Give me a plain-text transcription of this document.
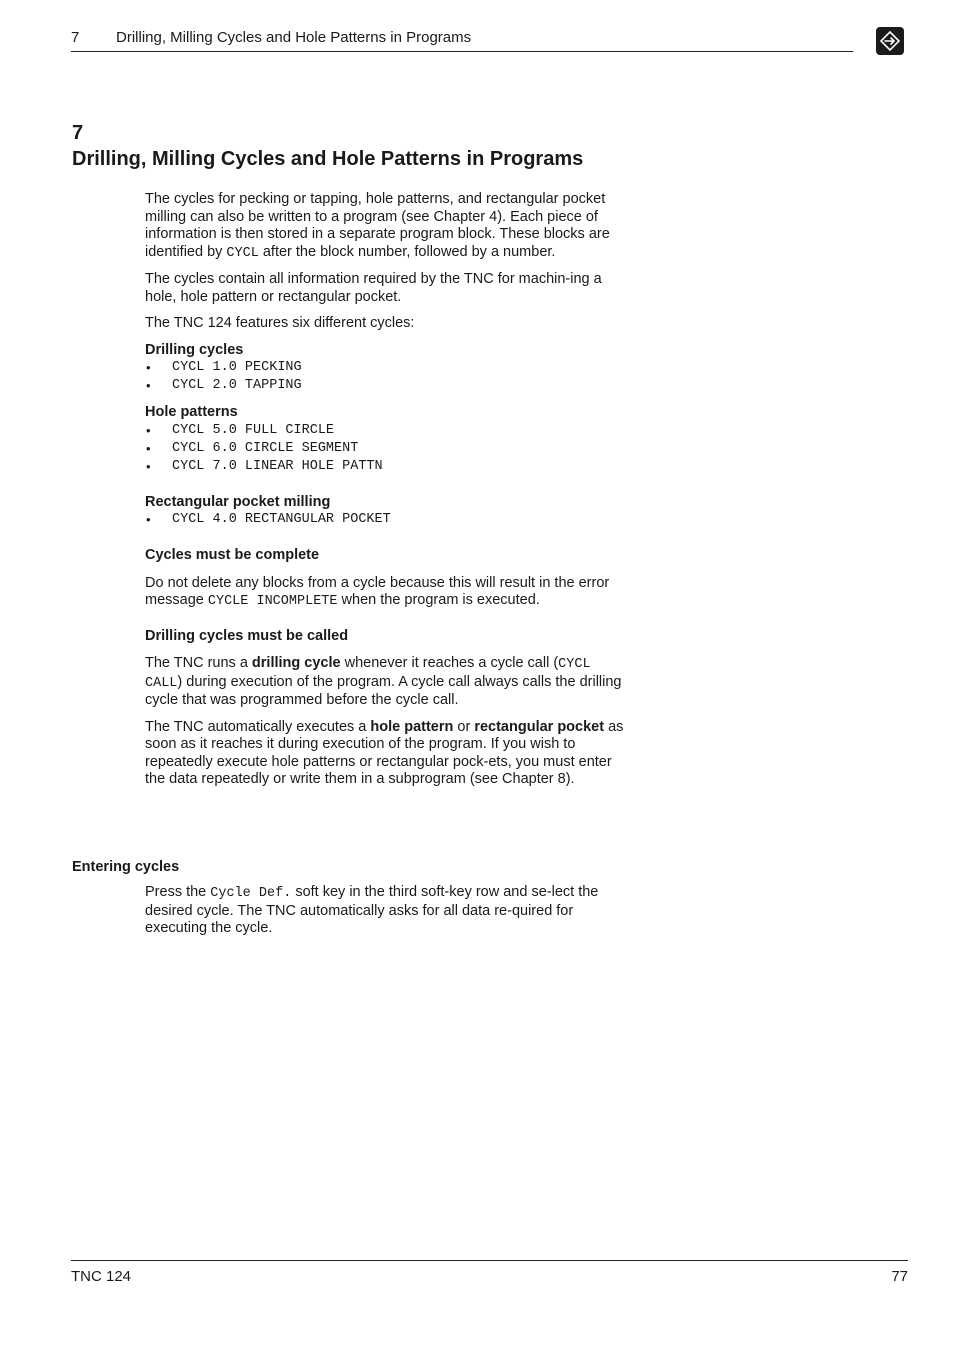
7 Drilling, Milling Cycles and Hole Patterns in Programs
7
Drilling, Milling Cycles and Hole Patterns in Programs

The cycles for pecking or tapping, hole patterns, and rectangular pocket milling can also be written to a program (see Chapter 4). Each piece of information is then stored in a separate program block. These blocks are identified by CYCL after the block number, followed by a number.

The cycles contain all information required by the TNC for machin-ing a hole, hole pattern or rectangular pocket.

The TNC 124 features six different cycles:

Drilling cycles
• CYCL 1.0 PECKING
• CYCL 2.0 TAPPING
Hole patterns
• CYCL 5.0 FULL CIRCLE
• CYCL 6.0 CIRCLE SEGMENT
• CYCL 7.0 LINEAR HOLE PATTN
Rectangular pocket milling
• CYCL 4.0 RECTANGULAR POCKET
Cycles must be complete

Do not delete any blocks from a cycle because this will result in the error message CYCLE INCOMPLETE when the program is executed.

Drilling cycles must be called

The TNC runs a drilling cycle whenever it reaches a cycle call (CYCL CALL) during execution of the program. A cycle call always calls the drilling cycle that was programmed before the cycle call.

The TNC automatically executes a hole pattern or rectangular pocket as soon as it reaches it during execution of the program. If you wish to repeatedly execute hole patterns or rectangular pock-ets, you must enter the data repeatedly or write them in a subprogram (see Chapter 8).

Entering cycles

Press the Cycle Def. soft key in the third soft-key row and se-lect the desired cycle. The TNC automatically asks for all data re-quired for executing the cycle.

TNC 124	77
